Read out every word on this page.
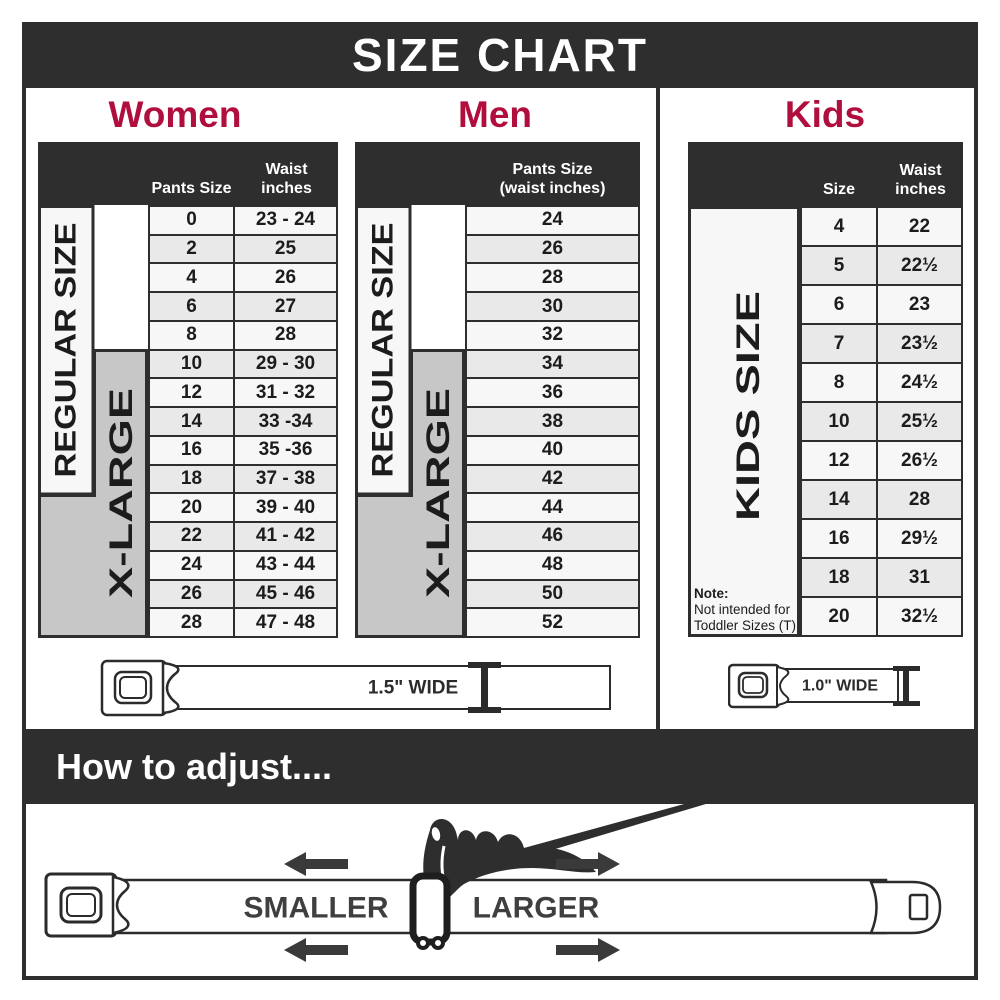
SIZE CHART
Women	Men
Pants Size
Waist
inches
REGULAR SIZE
X-LARGE
0	23 - 24
2	25
4	26
6	27
8	28
10	29 - 30
12	31 - 32
14	33 -34
16	35 -36
18	37 - 38
20	39 - 40
22	41 - 42
24	43 - 44
26	45 - 46
28	47 - 48
Pants Size
(waist inches)
REGULAR SIZE
X-LARGE
24
26
28
30
32
34
36
38
40
42
44
46
48
50
52
1.5" WIDE
Kids
Size
Waist
inches
KIDS SIZE
Note:
Not intended for
Toddler Sizes (T)
4	22
5	22½
6	23
7	23½
8	24½
10	25½
12	26½
14	28
16	29½
18	31
20	32½
1.0" WIDE
How to adjust....
SMALLER	LARGER
